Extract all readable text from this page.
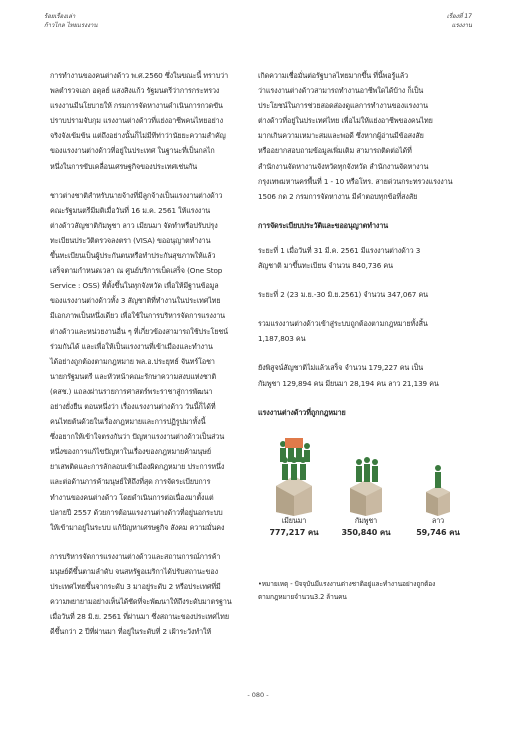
ร้อยเรื่องเล่า
ก้าวไกล ไทยแรงงาน
เรื่องที่ 17
แรงงาน

การทำงานของคนต่างด้าว พ.ศ.2560 ซึ่งในขณะนี้ ทราบว่า
พลตำรวจเอก อดุลย์ แสงสิงแก้ว รัฐมนตรีว่าการกระทรวง
แรงงานมีนโยบายให้ กรมการจัดหางานดำเนินการกวดขัน
ปราบปรามจับกุม แรงงานต่างด้าวที่แย่งอาชีพคนไทยอย่าง
จริงจังเข้มข้น แต่ถึงอย่างนั้นก็ไม่มีทีท่าว่านัยยะความสำคัญ
ของแรงงานต่างด้าวที่อยู่ในประเทศ ในฐานะที่เป็นกลไก
หนึ่งในการขับเคลื่อนเศรษฐกิจของประเทศเช่นกัน

ชาวต่างชาติสำหรับนายจ้างที่มีลูกจ้างเป็นแรงงานต่างด้าว
คณะรัฐมนตรีมีมติเมื่อวันที่ 16 ม.ค. 2561 ให้แรงงาน
ต่างด้าวสัญชาติกัมพูชา ลาว เมียนมา จัดทำหรือปรับปรุง
ทะเบียนประวัติตรวจลงตรา (VISA) ขออนุญาตทำงาน
ขึ้นทะเบียนเป็นผู้ประกันตนหรือทำประกันสุขภาพให้แล้ว
เสร็จตามกำหนดเวลา ณ ศูนย์บริการเบ็ดเสร็จ (One Stop
Service : OSS) ที่ตั้งขึ้นในทุกจังหวัด เพื่อให้มีฐานข้อมูล
ของแรงงานต่างด้าวทั้ง 3 สัญชาติที่ทำงานในประเทศไทย
มีเอกภาพเป็นหนึ่งเดียว เพื่อใช้ในการบริหารจัดการแรงงาน
ต่างด้าวและหน่วยงานอื่น ๆ ที่เกี่ยวข้องสามารถใช้ประโยชน์
ร่วมกันได้ และเพื่อให้เป็นแรงงานที่เข้าเมืองและทำงาน
ได้อย่างถูกต้องตามกฎหมาย พล.อ.ประยุทธ์ จันทร์โอชา
นายกรัฐมนตรี และหัวหน้าคณะรักษาความสงบแห่งชาติ
(คสช.) แถลงผ่านรายการศาสตร์พระราชาสู่การพัฒนา
อย่างยั่งยืน ตอนหนึ่งว่า เรื่องแรงงานต่างด้าว วันนี้ก็ได้ที่
คนไทยต้นด้วยในเรื่องกฎหมายและการปฏิรูปมาทั้งนี้
ซึ่งอยากให้เข้าใจตรงกันว่า ปัญหาแรงงานต่างด้าวเป็นส่วน
หนึ่งของการแก้ไขปัญหาในเรื่องของกฎหมายค้ามนุษย์
ยาเสพติดและการลักลอบเข้าเมืองผิดกฎหมาย ประการหนึ่ง
และต่อด้านการค้ามนุษย์ให้ถึงที่สุด การจัดระเบียบการ
ทำงานของคนต่างด้าว โดยดำเนินการต่อเนื่องมาตั้งแต่
ปลายปี 2557 ด้วยการต้อนแรงงานต่างด้าวที่อยู่นอกระบบ
ให้เข้ามาอยู่ในระบบ แก้ปัญหาเศรษฐกิจ สังคม ความมั่นคง

การบริหารจัดการแรงงานต่างด้าวและสถานการณ์การค้า
มนุษย์ดีขึ้นตามลำดับ จนสหรัฐอเมริกาได้ปรับสถานะของ
ประเทศไทยขึ้นจากระดับ 3 มาอยู่ระดับ 2 หรือประเทศที่มี
ความพยายามอย่างเห็นได้ชัดที่จะพัฒนาให้ถึงระดับมาตรฐาน
เมื่อวันที่ 28 มิ.ย. 2561 ที่ผ่านมา ซึ่งสถานะของประเทศไทย
ดีขึ้นกว่า 2 ปีที่ผ่านมา ที่อยู่ในระดับที่ 2 เฝ้าระวังทำให้

เกิดความเชื่อมั่นต่อรัฐบาลไทยมากขึ้น ที่นี้พอรู้แล้ว
ว่าแรงงานต่างด้าวสามารถทำงานอาชีพใดได้บ้าง ก็เป็น
ประโยชน์ในการช่วยสอดส่องดูแลการทำงานของแรงงาน
ต่างด้าวที่อยู่ในประเทศไทย เพื่อไม่ให้แย่งอาชีพของคนไทย
มากเกินความเหมาะสมและพอดี ซึ่งหากผู้อ่านมีข้อสงสัย
หรืออยากสอบถามข้อมูลเพิ่มเติม สามารถติดต่อได้ที่
สำนักงานจัดหางานจังหวัดทุกจังหวัด สำนักงานจัดหางาน
กรุงเทพมหานครพื้นที่ 1 - 10 หรือโทร. สายด่วนกระทรวงแรงงาน
1506 กด 2 กรมการจัดหางาน มีคำตอบทุกข้อที่สงสัย

การจัดระเบียบประวัติและขออนุญาตทำงาน

ระยะที่ 1 เมื่อวันที่ 31 มี.ค. 2561 มีแรงงานต่างด้าว 3
สัญชาติ มาขึ้นทะเบียน จำนวน 840,736 คน

ระยะที่ 2 (23 ม.ย.-30 มิ.ย.2561) จำนวน 347,067 คน

รวมแรงงานต่างด้าวเข้าสู่ระบบถูกต้องตามกฎหมายทั้งสิ้น
1,187,803 คน

ยังพิสูจน์สัญชาติไม่แล้วเสร็จ จำนวน 179,227 คน เป็น
กัมพูชา 129,894 คน มียนมา 28,194 คน ลาว 21,139 คน

แรงงานต่างด้าวที่ถูกกฎหมาย
เมียนมา
777,217 คน
กัมพูชา
350,840 คน
ลาว
59,746 คน
•หมายเหตุ - ปัจจุบันมีแรงงานต่างชาติอยู่และทำงานอย่างถูกต้อง
ตามกฎหมายจำนวน3.2 ล้านคน
- 080 -
